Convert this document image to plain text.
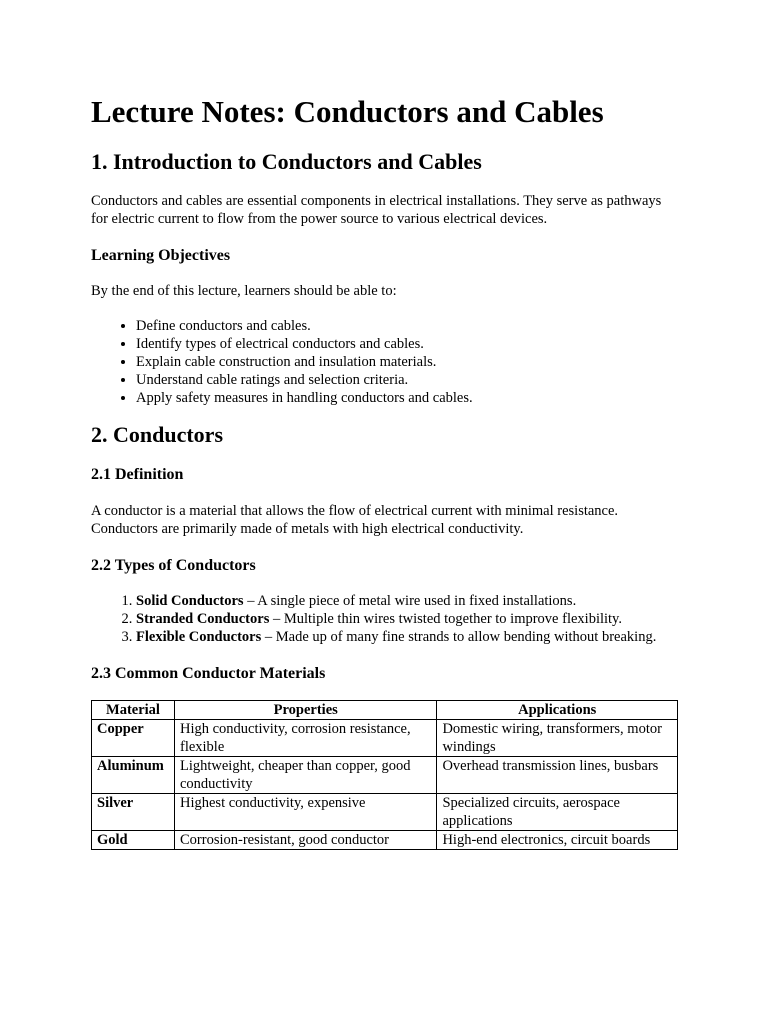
Lecture Notes: Conductors and Cables
1. Introduction to Conductors and Cables

Conductors and cables are essential components in electrical installations. They serve as pathways for electric current to flow from the power source to various electrical devices.

Learning Objectives

By the end of this lecture, learners should be able to:

• Define conductors and cables.
• Identify types of electrical conductors and cables.
• Explain cable construction and insulation materials.
• Understand cable ratings and selection criteria.
• Apply safety measures in handling conductors and cables.
2. Conductors
2.1 Definition

A conductor is a material that allows the flow of electrical current with minimal resistance. Conductors are primarily made of metals with high electrical conductivity.

2.2 Types of Conductors
1. Solid Conductors – A single piece of metal wire used in fixed installations.
2. Stranded Conductors – Multiple thin wires twisted together to improve flexibility.
3. Flexible Conductors – Made up of many fine strands to allow bending without breaking.
2.3 Common Conductor Materials
Material	Properties	Applications
Copper	High conductivity, corrosion resistance, flexible	Domestic wiring, transformers, motor windings
Aluminum	Lightweight, cheaper than copper, good conductivity	Overhead transmission lines, busbars
Silver	Highest conductivity, expensive	Specialized circuits, aerospace applications
Gold	Corrosion-resistant, good conductor	High-end electronics, circuit boards
